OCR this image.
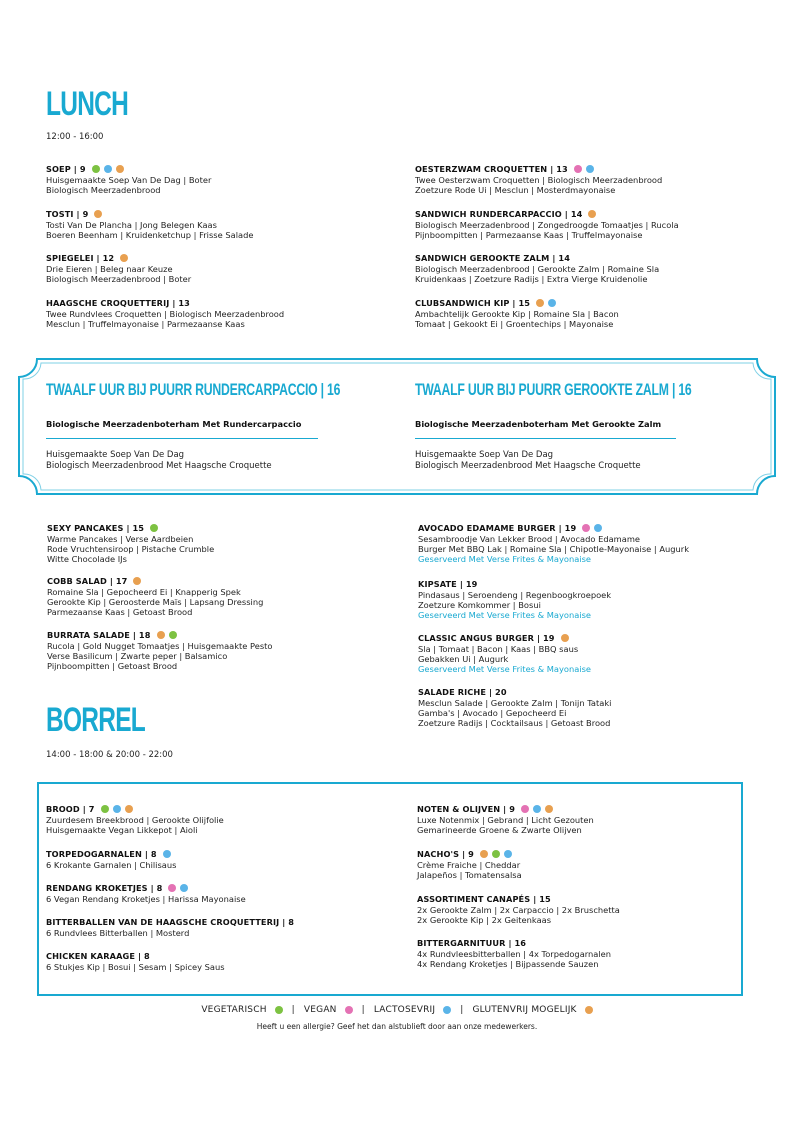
LUNCH
12:00 - 16:00
SOEP | 9
Huisgemaakte Soep Van De Dag | Boter
Biologisch Meerzadenbrood
TOSTI | 9
Tosti Van De Plancha | Jong Belegen Kaas
Boeren Beenham | Kruidenketchup | Frisse Salade
SPIEGELEI | 12
Drie Eieren | Beleg naar Keuze
Biologisch Meerzadenbrood | Boter
HAAGSCHE CROQUETTERIJ | 13
Twee Rundvlees Croquetten | Biologisch Meerzadenbrood
Mesclun | Truffelmayonaise | Parmezaanse Kaas
OESTERZWAM CROQUETTEN | 13
Twee Oesterzwam Croquetten | Biologisch Meerzadenbrood
Zoetzure Rode Ui | Mesclun | Mosterdmayonaise
SANDWICH RUNDERCARPACCIO | 14
Biologisch Meerzadenbrood | Zongedroogde Tomaatjes | Rucola
Pijnboompitten | Parmezaanse Kaas | Truffelmayonaise
SANDWICH GEROOKTE ZALM | 14
Biologisch Meerzadenbrood | Gerookte Zalm | Romaine Sla
Kruidenkaas | Zoetzure Radijs | Extra Vierge Kruidenolie
CLUBSANDWICH KIP | 15
Ambachtelijk Gerookte Kip | Romaine Sla | Bacon
Tomaat | Gekookt Ei | Groentechips | Mayonaise
TWAALF UUR BIJ PUURR RUNDERCARPACCIO | 16
Biologische Meerzadenboterham Met Rundercarpaccio
Huisgemaakte Soep Van De Dag
Biologisch Meerzadenbrood Met Haagsche Croquette
TWAALF UUR BIJ PUURR GEROOKTE ZALM | 16
Biologische Meerzadenboterham Met Gerookte Zalm
Huisgemaakte Soep Van De Dag
Biologisch Meerzadenbrood Met Haagsche Croquette
SEXY PANCAKES | 15
Warme Pancakes | Verse Aardbeien
Rode Vruchtensiroop | Pistache Crumble
Witte Chocolade IJs
COBB SALAD | 17
Romaine Sla | Gepocheerd Ei | Knapperig Spek
Gerookte Kip | Geroosterde Maïs | Lapsang Dressing
Parmezaanse Kaas | Getoast Brood
BURRATA SALADE | 18
Rucola | Gold Nugget Tomaatjes | Huisgemaakte Pesto
Verse Basilicum | Zwarte peper | Balsamico
Pijnboompitten | Getoast Brood
AVOCADO EDAMAME BURGER | 19
Sesambroodje Van Lekker Brood | Avocado Edamame
Burger Met BBQ Lak | Romaine Sla | Chipotle-Mayonaise | Augurk
Geserveerd Met Verse Frites & Mayonaise
KIPSATE | 19
Pindasaus | Seroendeng | Regenboogkroepoek
Zoetzure Komkommer | Bosui
Geserveerd Met Verse Frites & Mayonaise
CLASSIC ANGUS BURGER | 19
Sla | Tomaat | Bacon | Kaas | BBQ saus
Gebakken Ui | Augurk
Geserveerd Met Verse Frites & Mayonaise
SALADE RICHE | 20
Mesclun Salade | Gerookte Zalm | Tonijn Tataki
Gamba's | Avocado | Gepocheerd Ei
Zoetzure Radijs | Cocktailsaus | Getoast Brood
BORREL
14:00 - 18:00 & 20:00 - 22:00
BROOD | 7
Zuurdesem Breekbrood | Gerookte Olijfolie
Huisgemaakte Vegan Likkepot | Aioli
TORPEDOGARNALEN | 8
6 Krokante Garnalen | Chilisaus
RENDANG KROKETJES | 8
6 Vegan Rendang Kroketjes | Harissa Mayonaise
BITTERBALLEN VAN DE HAAGSCHE CROQUETTERIJ | 8
6 Rundvlees Bitterballen | Mosterd
CHICKEN KARAAGE | 8
6 Stukjes Kip | Bosui | Sesam | Spicey Saus
NOTEN & OLIJVEN | 9
Luxe Notenmix | Gebrand | Licht Gezouten
Gemarineerde Groene & Zwarte Olijven
NACHO'S | 9
Crème Fraiche | Cheddar
Jalapeños | Tomatensalsa
ASSORTIMENT CANAPÉS | 15
2x Gerookte Zalm | 2x Carpaccio | 2x Bruschetta
2x Gerookte Kip | 2x Geitenkaas
BITTERGARNITUUR | 16
4x Rundvleesbitterballen | 4x Torpedogarnalen
4x Rendang Kroketjes | Bijpassende Sauzen
VEGETARISCH	| VEGAN	| LACTOSEVRIJ	| GLUTENVRIJ MOGELIJK
Heeft u een allergie? Geef het dan alstublieft door aan onze medewerkers.
